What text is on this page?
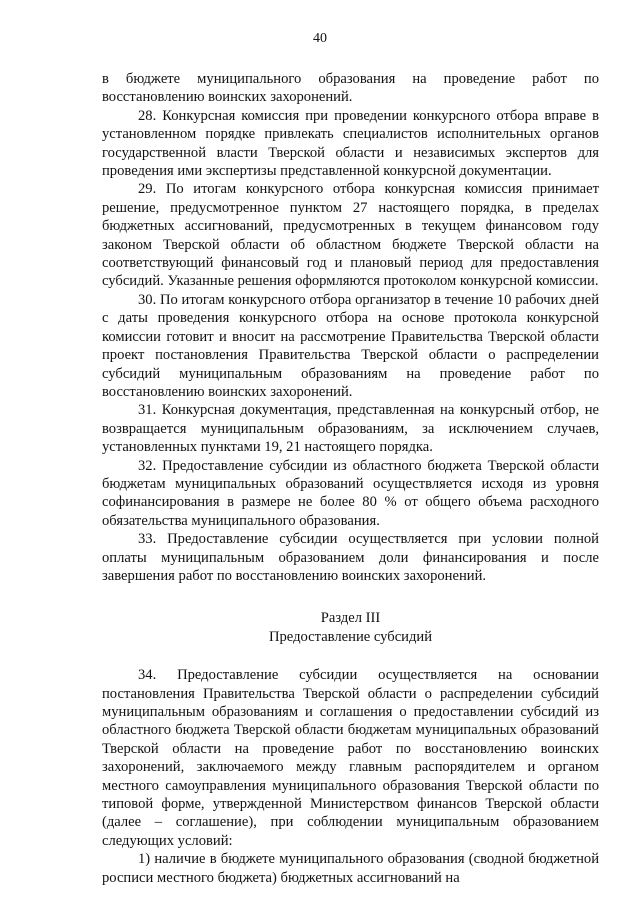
40

в бюджете муниципального образования на проведение работ по восстановлению воинских захоронений.

28. Конкурсная комиссия при проведении конкурсного отбора вправе в установленном порядке привлекать специалистов исполнительных органов государственной власти Тверской области и независимых экспертов для проведения ими экспертизы представленной конкурсной документации.

29. По итогам конкурсного отбора конкурсная комиссия принимает решение, предусмотренное пунктом 27 настоящего порядка, в пределах бюджетных ассигнований, предусмотренных в текущем финансовом году законом Тверской области об областном бюджете Тверской области на соответствующий финансовый год и плановый период для предоставления субсидий. Указанные решения оформляются протоколом конкурсной комиссии.

30. По итогам конкурсного отбора организатор в течение 10 рабочих дней с даты проведения конкурсного отбора на основе протокола конкурсной комиссии готовит и вносит на рассмотрение Правительства Тверской области проект постановления Правительства Тверской области о распределении субсидий муниципальным образованиям на проведение работ по восстановлению воинских захоронений.

31. Конкурсная документация, представленная на конкурсный отбор, не возвращается муниципальным образованиям, за исключением случаев, установленных пунктами 19, 21 настоящего порядка.

32. Предоставление субсидии из областного бюджета Тверской области бюджетам муниципальных образований осуществляется исходя из уровня софинансирования в размере не более 80 % от общего объема расходного обязательства муниципального образования.

33. Предоставление субсидии осуществляется при условии полной оплаты муниципальным образованием доли финансирования и после завершения работ по восстановлению воинских захоронений.

Раздел III
Предоставление субсидий

34. Предоставление субсидии осуществляется на основании постановления Правительства Тверской области о распределении субсидий муниципальным образованиям и соглашения о предоставлении субсидий из областного бюджета Тверской области бюджетам муниципальных образований Тверской области на проведение работ по восстановлению воинских захоронений, заключаемого между главным распорядителем и органом местного самоуправления муниципального образования Тверской области по типовой форме, утвержденной Министерством финансов Тверской области (далее – соглашение), при соблюдении муниципальным образованием следующих условий:

1) наличие в бюджете муниципального образования (сводной бюджетной росписи местного бюджета) бюджетных ассигнований на
